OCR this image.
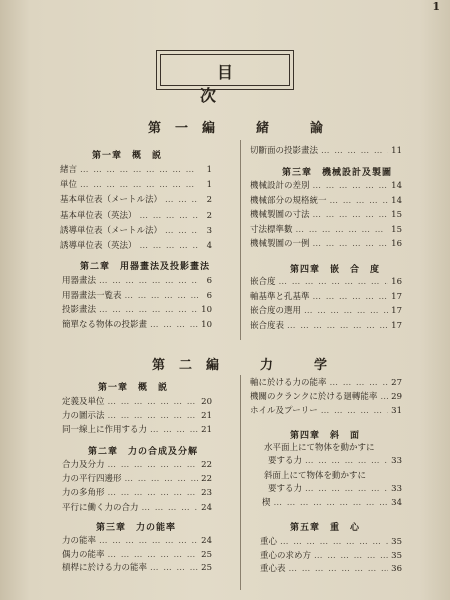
1
目　次
第一編　緒　論
第一章　概　説
緒言 … … … … … … … … … … … … … … … … … … … …	1
単位 … … … … … … … … … … … … … … … … … … … …	1
基本単位表（メートル法） … … … … … … … … … … … … … … … … … … … …	2
基本単位表（英法） … … … … … … … … … … … … … … … … … … … …	2
誘導単位表（メートル法） … … … … … … … … … … … … … … … … … … … …	3
誘導単位表（英法） … … … … … … … … … … … … … … … … … … … …	4
第二章　用器畫法及投影畫法
用器畫法 … … … … … … … … … … … … … … … … … … … …	6
用器畫法一覧表 … … … … … … … … … … … … … … … … … … … …	6
投影畫法 … … … … … … … … … … … … … … … … … … … …	10
簡單なる物体の投影畫 … … … … … … … … … … … … … … … … … … … …	10
切斷面の投影畫法 … … … … … … … … … … … … … … … … … … … …	11
第三章　機械設計及製圖
機械設計の差別 … … … … … … … … … … … … … … … … … … … …	14
機械部分の規格統一 … … … … … … … … … … … … … … … … … … … …	14
機械製圖の寸法 … … … … … … … … … … … … … … … … … … … …	15
寸法標準數 … … … … … … … … … … … … … … … … … … … …	15
機械製圖の一例 … … … … … … … … … … … … … … … … … … … …	16
第四章　嵌　合　度
嵌合度 … … … … … … … … … … … … … … … … … … … …	16
軸基準と孔基準 … … … … … … … … … … … … … … … … … … … …	17
嵌合度の選用 … … … … … … … … … … … … … … … … … … … …	17
嵌合度表 … … … … … … … … … … … … … … … … … … … …	17
第二編　力　学
第一章　概　説
定義及単位 … … … … … … … … … … … … … … … … … … … …	20
力の圖示法 … … … … … … … … … … … … … … … … … … … …	21
同一線上に作用する力 … … … … … … … … … … … … … … … … … … … …	21
第二章　力の合成及分解
合力及分力 … … … … … … … … … … … … … … … … … … … …	22
力の平行四邊形 … … … … … … … … … … … … … … … … … … … …	22
力の多角形 … … … … … … … … … … … … … … … … … … … …	23
平行に働く力の合力 … … … … … … … … … … … … … … … … … … … …	24
第三章　力の能率
力の能率 … … … … … … … … … … … … … … … … … … … …	24
偶力の能率 … … … … … … … … … … … … … … … … … … … …	25
槓桿に於ける力の能率 … … … … … … … … … … … … … … … … … … … …	25
軸に於ける力の能率 … … … … … … … … … … … … … … … … … … … …	27
機關のクランクに於ける廻轉能率 … … … … … … … … … … … … … … … … … … … …	29
ホイル及プーリー … … … … … … … … … … … … … … … … … … … …	31
第四章　斜　面
水平面上にて物体を動かすに
要する力 … … … … … … … … … … … … … … … … … … … …	33
斜面上にて物体を動かすに
要する力 … … … … … … … … … … … … … … … … … … … …	33
楔 … … … … … … … … … … … … … … … … … … … …	34
第五章　重　心
重心 … … … … … … … … … … … … … … … … … … … …	35
重心の求め方 … … … … … … … … … … … … … … … … … … … …	35
重心表 … … … … … … … … … … … … … … … … … … … …	36
